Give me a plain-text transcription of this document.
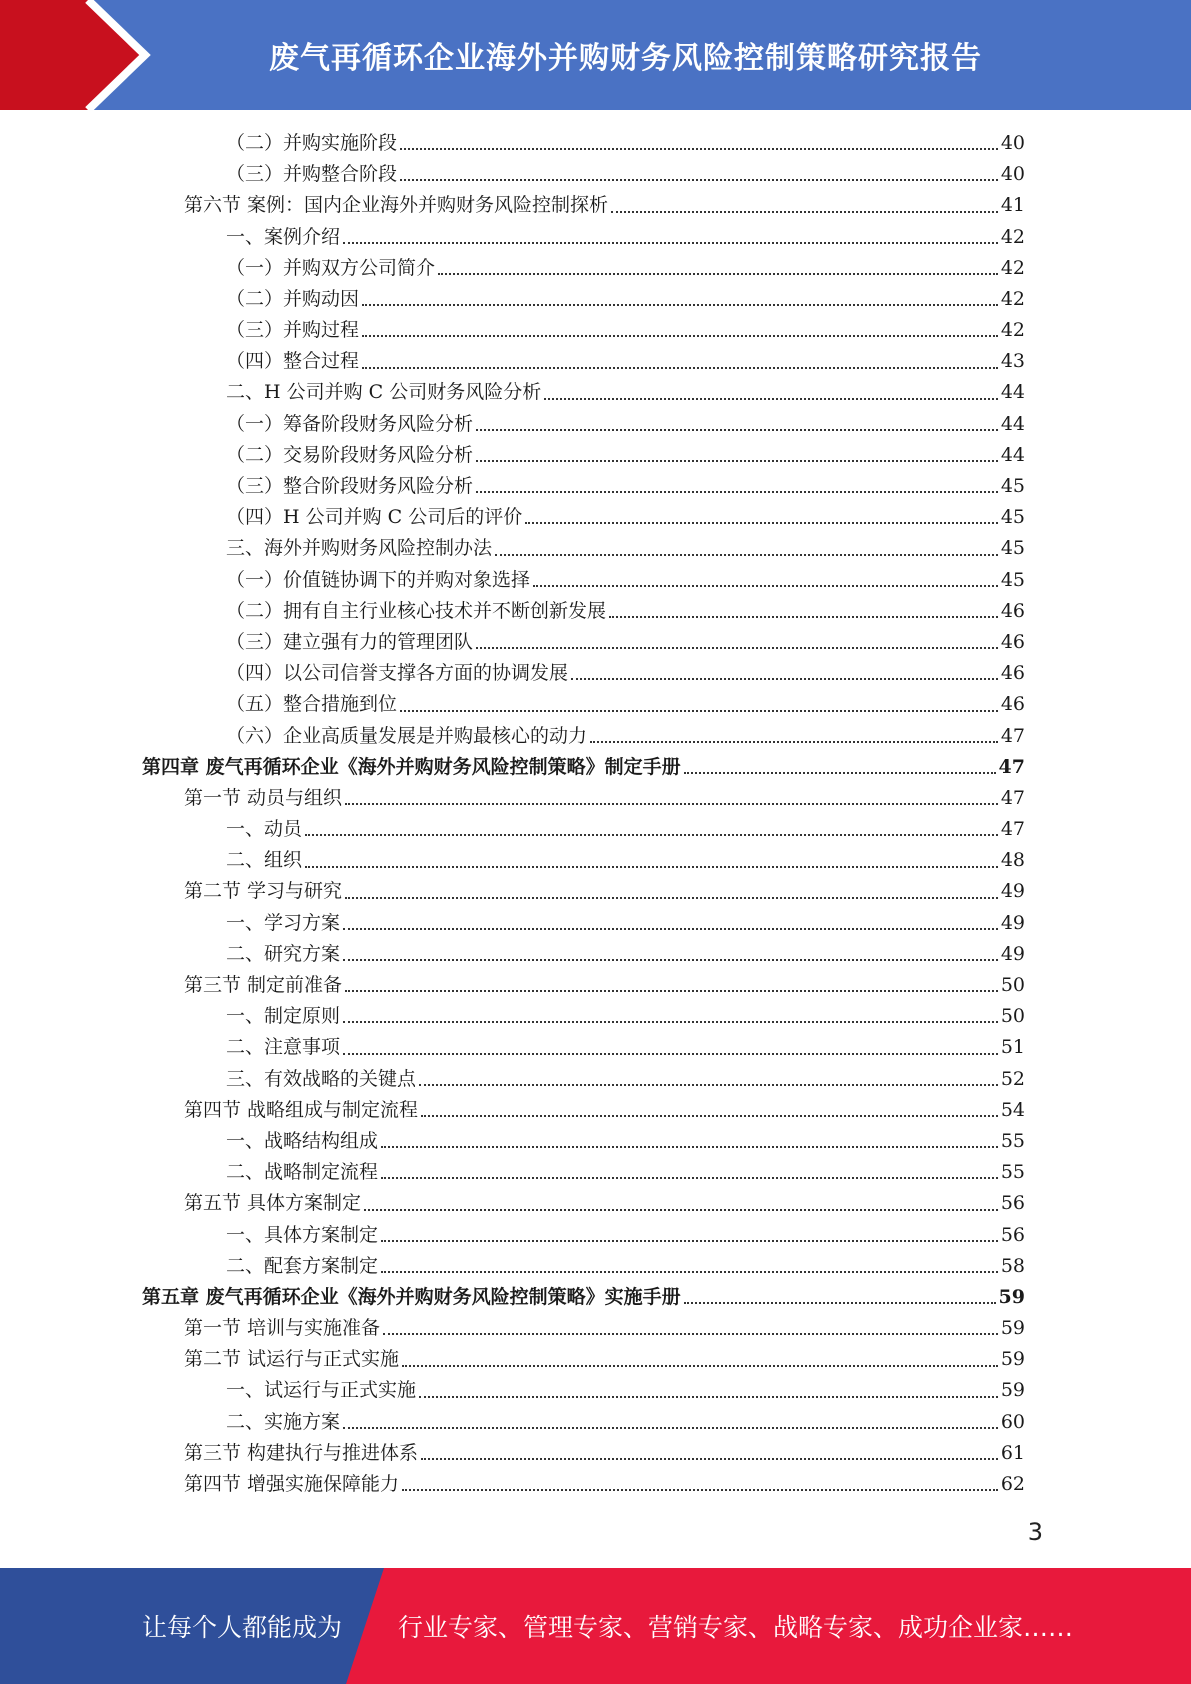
废气再循环企业海外并购财务风险控制策略研究报告
（二）并购实施阶段	40
（三）并购整合阶段	40
第六节 案例：国内企业海外并购财务风险控制探析	41
一、案例介绍	42
（一）并购双方公司简介	42
（二）并购动因	42
（三）并购过程	42
（四）整合过程	43
二、H 公司并购 C 公司财务风险分析	44
（一）筹备阶段财务风险分析	44
（二）交易阶段财务风险分析	44
（三）整合阶段财务风险分析	45
（四）H 公司并购 C 公司后的评价	45
三、海外并购财务风险控制办法	45
（一）价值链协调下的并购对象选择	45
（二）拥有自主行业核心技术并不断创新发展	46
（三）建立强有力的管理团队	46
（四）以公司信誉支撑各方面的协调发展	46
（五）整合措施到位	46
（六）企业高质量发展是并购最核心的动力	47
第四章 废气再循环企业《海外并购财务风险控制策略》制定手册	47
第一节 动员与组织	47
一、动员	47
二、组织	48
第二节 学习与研究	49
一、学习方案	49
二、研究方案	49
第三节 制定前准备	50
一、制定原则	50
二、注意事项	51
三、有效战略的关键点	52
第四节 战略组成与制定流程	54
一、战略结构组成	55
二、战略制定流程	55
第五节 具体方案制定	56
一、具体方案制定	56
二、配套方案制定	58
第五章 废气再循环企业《海外并购财务风险控制策略》实施手册	59
第一节 培训与实施准备	59
第二节 试运行与正式实施	59
一、试运行与正式实施	59
二、实施方案	60
第三节 构建执行与推进体系	61
第四节 增强实施保障能力	62
3
让每个人都能成为 行业专家、管理专家、营销专家、战略专家、成功企业家……
